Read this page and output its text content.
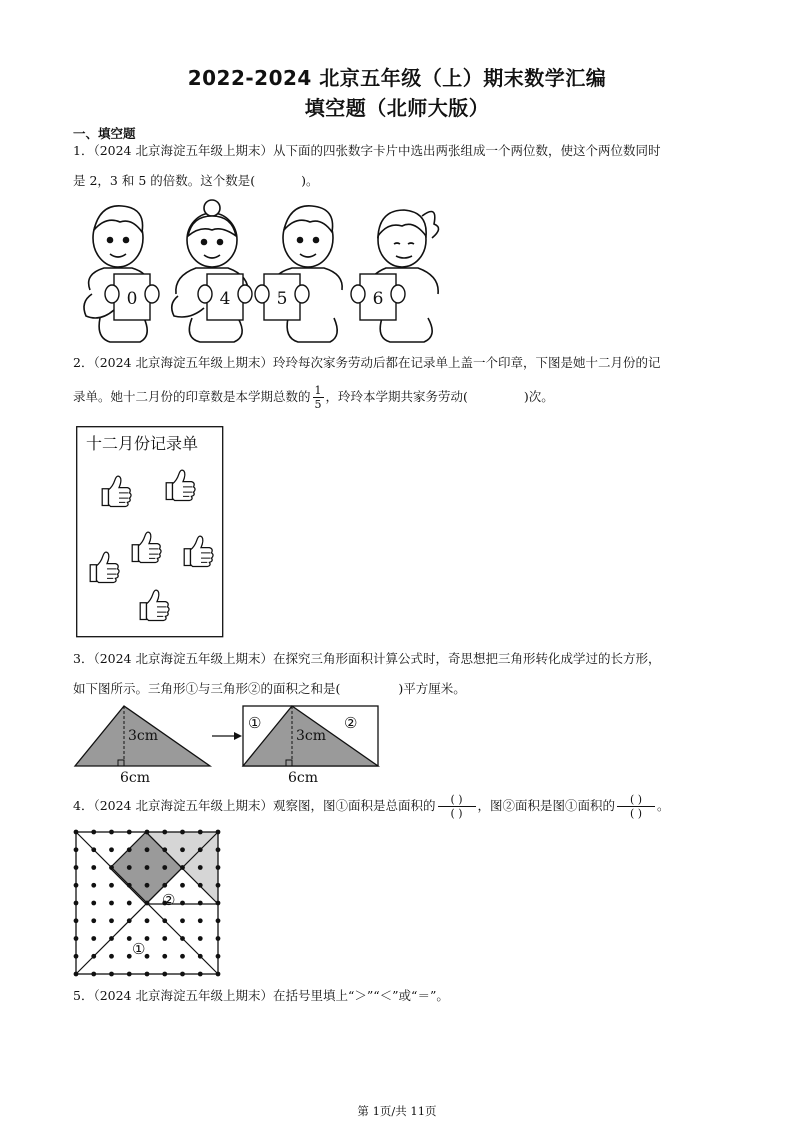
2022-2024 北京五年级（上）期末数学汇编
填空题（北师大版）
一、填空题
1．（2024 北京海淀五年级上期末）从下面的四张数字卡片中选出两张组成一个两位数，使这个两位数同时
是 2，3 和 5 的倍数。这个数是(	)。
0	4	5	6
2．（2024 北京海淀五年级上期末）玲玲每次家务劳动后都在记录单上盖一个印章，下图是她十二月份的记
录单。她十二月份的印章数是本学期总数的 $\frac{1}{5}$ ，玲玲本学期共家务劳动(	)次。
十二月份记录单
3．（2024 北京海淀五年级上期末）在探究三角形面积计算公式时，奇思想把三角形转化成学过的长方形，
如下图所示。三角形①与三角形②的面积之和是(	)平方厘米。
3cm
6cm
①	②
3cm
6cm
4．（2024 北京海淀五年级上期末）观察图，图①面积是总面积的 $\frac{( )}{( )}$ ，图②面积是图①面积的 $\frac{( )}{( )}$ 。
②
①
5．（2024 北京海淀五年级上期末）在括号里填上“＞”“＜”或“＝”。
第 1页/共 11页
